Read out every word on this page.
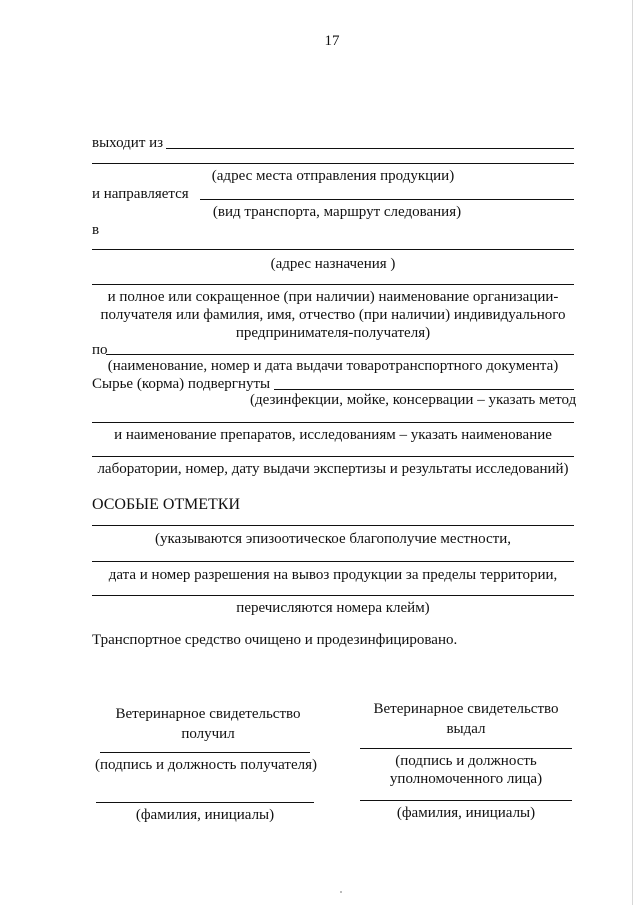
17
выходит из
(адрес места отправления продукции)
и направляется
(вид транспорта, маршрут следования)
в
(адрес назначения )
и полное или сокращенное (при наличии) наименование организации-получателя или фамилия, имя, отчество (при наличии) индивидуального предпринимателя-получателя)
по
(наименование, номер и дата выдачи товаротранспортного документа)
Сырье (корма) подвергнуты
(дезинфекции, мойке, консервации – указать метод
и наименование препаратов, исследованиям – указать наименование
лаборатории, номер, дату выдачи экспертизы и результаты исследований)
ОСОБЫЕ ОТМЕТКИ
(указываются эпизоотическое благополучие местности,
дата и номер разрешения на вывоз продукции за пределы территории,
перечисляются номера клейм)
Транспортное средство очищено и продезинфицировано.
Ветеринарное свидетельство получил
(подпись и должность получателя)
(фамилия, инициалы)
Ветеринарное свидетельство выдал
(подпись и должность уполномоченного лица)
(фамилия, инициалы)
